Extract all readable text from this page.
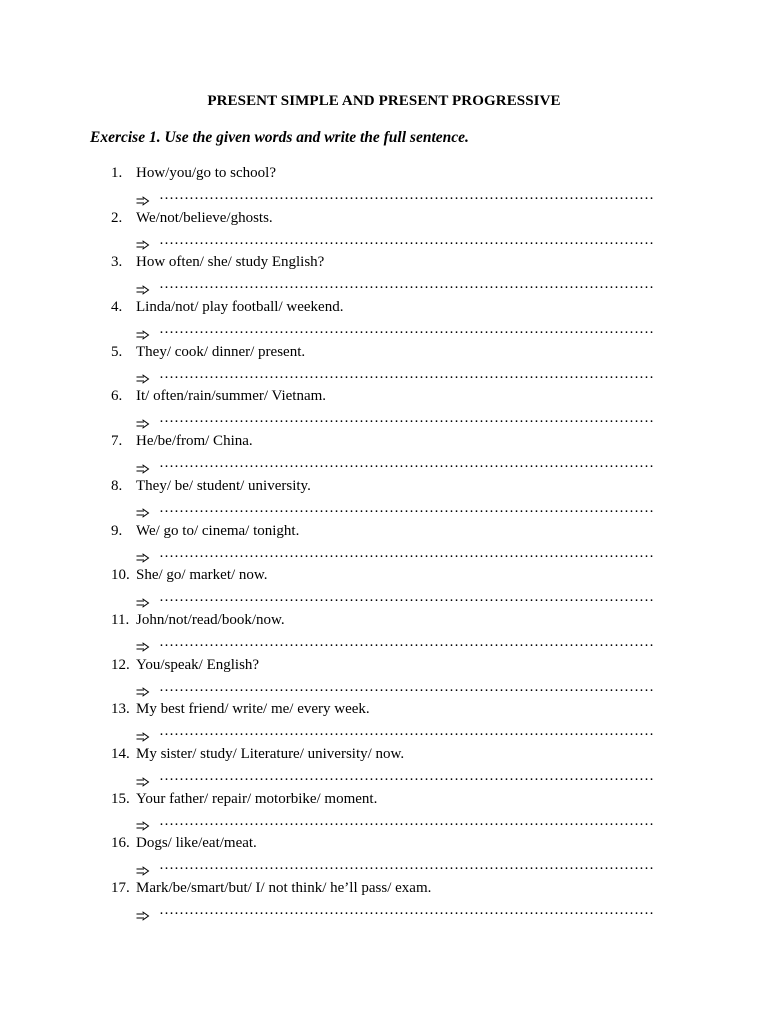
PRESENT SIMPLE AND PRESENT PROGRESSIVE
Exercise 1. Use the given words and write the full sentence.
1. How/you/go to school?
………………………………………………………………………………………
2. We/not/believe/ghosts.
………………………………………………………………………………………
3. How often/ she/ study English?
………………………………………………………………………………………
4. Linda/not/ play football/ weekend.
………………………………………………………………………………………
5. They/ cook/ dinner/ present.
………………………………………………………………………………………
6. It/ often/rain/summer/ Vietnam.
………………………………………………………………………………………
7. He/be/from/ China.
………………………………………………………………………………………
8. They/ be/ student/ university.
………………………………………………………………………………………
9. We/ go to/ cinema/ tonight.
………………………………………………………………………………………
10. She/ go/ market/ now.
………………………………………………………………………………………
11. John/not/read/book/now.
………………………………………………………………………………………
12. You/speak/ English?
………………………………………………………………………………………
13. My best friend/ write/ me/ every week.
………………………………………………………………………………………
14. My sister/ study/ Literature/ university/ now.
………………………………………………………………………………………
15. Your father/ repair/ motorbike/ moment.
………………………………………………………………………………………
16. Dogs/ like/eat/meat.
………………………………………………………………………………………
17. Mark/be/smart/but/ I/ not think/ he’ll pass/ exam.
………………………………………………………………………………………
